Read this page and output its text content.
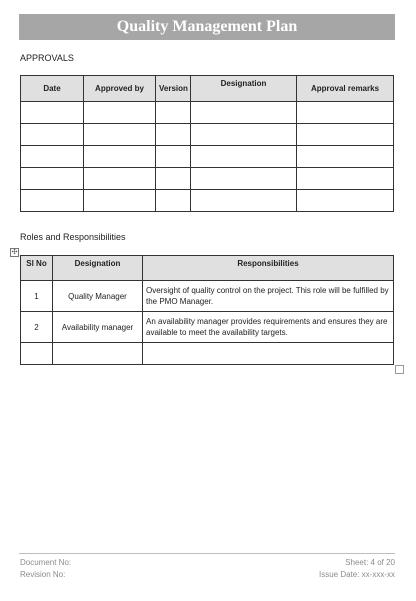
Quality Management Plan
APPROVALS
Date	Approved by	Version	Designation	Approval remarks

Roles and Responsibilities
✣
Sl No	Designation	Responsibilities
1	Quality Manager	Oversight of quality control on the project. This role will be fulfilled by the PMO Manager.
2	Availability manager	An availability manager provides requirements and ensures they are available to meet the availability targets.

Document No:
Revision No:
Sheet: 4 of 20
Issue Date: xx-xxx-xx
